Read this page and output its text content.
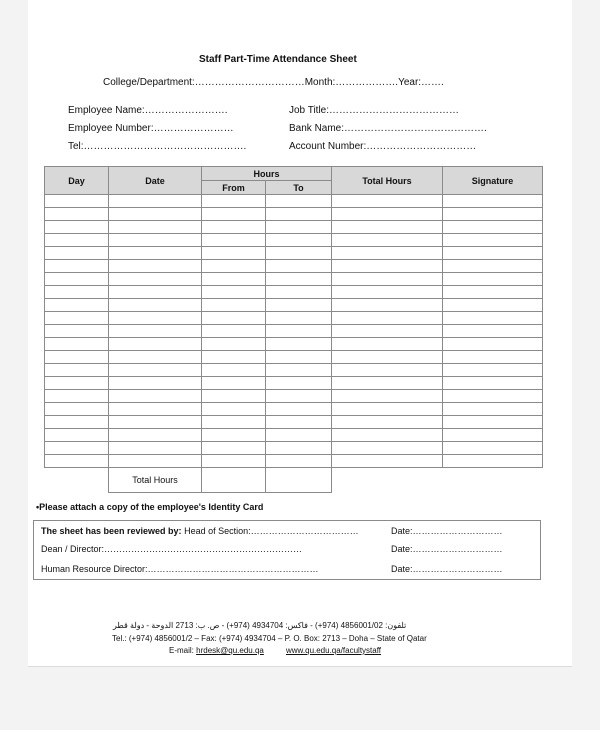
Staff Part-Time Attendance Sheet
College/Department:……………………………Month:……………….Year:…….
Employee Name:…………………….	Job Title:…………………………………
Employee Number:……………………	Bank Name:…………………………………….
Tel:………………………………………….	Account Number:……………………………
Day	Date	Hours		Total Hours	Signature
		From	To		

	Total Hours				
•Please attach a copy of the employee's Identity Card
The sheet has been reviewed by: Head of Section:………………………………	Date:…………………………
Dean / Director:…………………………………………………………	Date:…………………………
Human Resource Director:…………………………………………………	Date:…………………………
تلفون: 4856001/02 (974+) - فاكس: 4934704 (974+) - ص. ب: 2713 الدوحة - دولة قطر
Tel.: (+974) 4856001/2 – Fax: (+974) 4934704 – P. O. Box: 2713 – Doha – State of Qatar
E-mail: hrdesk@qu.edu.qa	www.qu.edu.qa/facultystaff
